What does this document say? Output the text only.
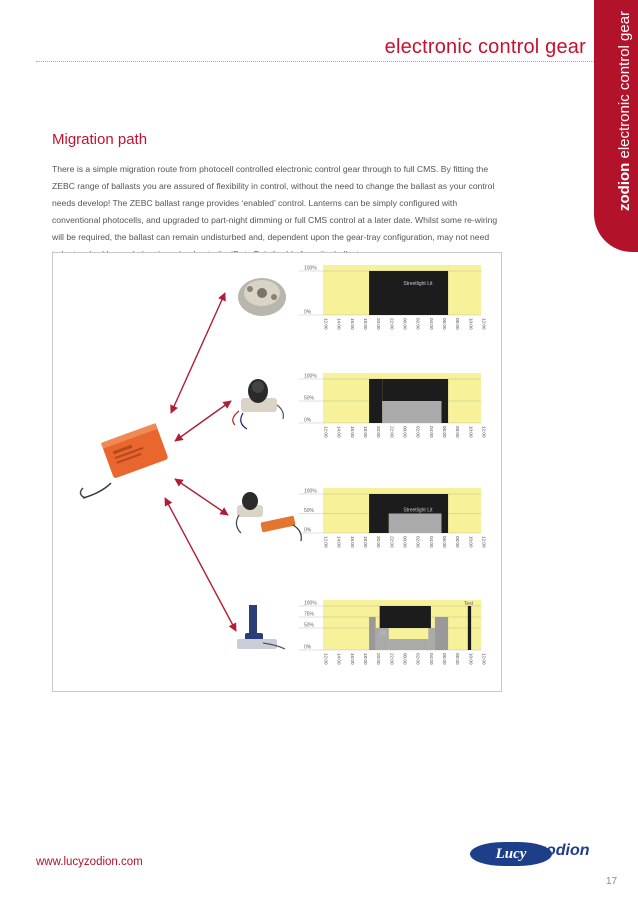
electronic control gear
zodion electronic control gear
Migration path
There is a simple migration route from photocell controlled electronic control gear through to full CMS. By fitting the ZEBC range of ballasts you are assured of flexibility in control, without the need to change the ballast as your control needs develop! The ZEBC ballast range provides ‘enabled’ control. Lanterns can be simply configured with conventional photocells, and upgraded to part-night dimming or full CMS control at a later date. Whilst some re-wiring will be required, the ballast can remain undisturbed and, dependent upon the gear-tray configuration, may not need
100%
0%
Streetlight Lit
12:00 14:00 16:00 18:00 20:00 22:00 00:00 02:00 04:00 06:00 08:00 10:00 12:00
100%
50%
0%
12:00 14:00 16:00 18:00 20:00 22:00 00:00 02:00 04:00 06:00 08:00 10:00 12:00
100%
50%
0%
Streetlight Lit
12:00 14:00 16:00 18:00 20:00 22:00 00:00 02:00 04:00 06:00 08:00 10:00 12:00
100%
75%
50%
0%
Lit
Test
12:00 14:00 16:00 18:00 20:00 22:00 00:00 02:00 04:00 06:00 08:00 10:00 12:00
www.lucyzodion.com	Lucy zodion
17
